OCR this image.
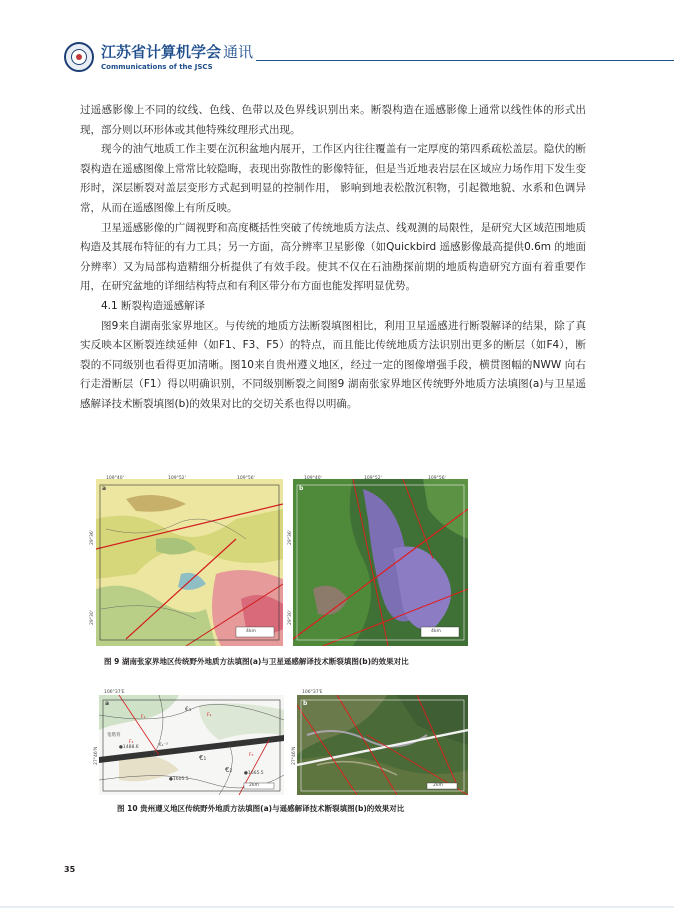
江苏省计算机学会 通讯
Communications of the JSCS

过遥感影像上不同的纹线、色线、色带以及色界线识别出来。断裂构造在遥感影像上通常以线性体的形式出现，部分则以环形体或其他特殊纹理形式出现。

现今的油气地质工作主要在沉积盆地内展开，工作区内往往覆盖有一定厚度的第四系疏松盖层。隐伏的断裂构造在遥感图像上常常比较隐晦，表现出弥散性的影像特征，但是当近地表岩层在区域应力场作用下发生变形时，深层断裂对盖层变形方式起到明显的控制作用， 影响到地表松散沉积物，引起微地貌、水系和色调异常，从而在遥感图像上有所反映。

卫星遥感影像的广阔视野和高度概括性突破了传统地质方法点、线观测的局限性，是研究大区域范围地质构造及其展布特征的有力工具；另一方面，高分辨率卫星影像（如Quickbird 遥感影像最高提供0.6m 的地面分辨率）又为局部构造精细分析提供了有效手段。使其不仅在石油勘探前期的地质构造研究方面有着重要作用，在研究盆地的详细结构特点和有利区带分布方面也能发挥明显优势。

4.1 断裂构造遥感解译

图9来自湖南张家界地区。与传统的地质方法断裂填图相比，利用卫星遥感进行断裂解译的结果，除了真实反映本区断裂连续延伸（如F1、F3、F5）的特点，而且能比传统地质方法识别出更多的断层（如F4），断裂的不同级别也看得更加清晰。图10来自贵州遵义地区，经过一定的图像增强手段，横贯图幅的NWW 向右行走滑断层（F1）得以明确识别，不同级别断裂之间图9 湖南张家界地区传统野外地质方法填图(a)与卫星遥感解译技术断裂填图(b)的效果对比的交切关系也得以明确。

a
4km
109°40'	109°52'	109°56'
29°36'
29°30'
b
4km
109°40'	109°52'	109°56'
29°36'
29°30'
图 9 湖南张家界地区传统野外地质方法填图(a)与卫星遥感解译技术断裂填图(b)的效果对比
a
F₁	F₂
F₃
F₄
€₁
€₂
€₃
€₁⁻³
●1488.6
●1605.5
●1665.5
宽塔背
2km
106°37'E
27°46'N
b
2km
106°37'E
27°46'N
图 10 贵州遵义地区传统野外地质方法填图(a)与遥感解译技术断裂填图(b)的效果对比
35
